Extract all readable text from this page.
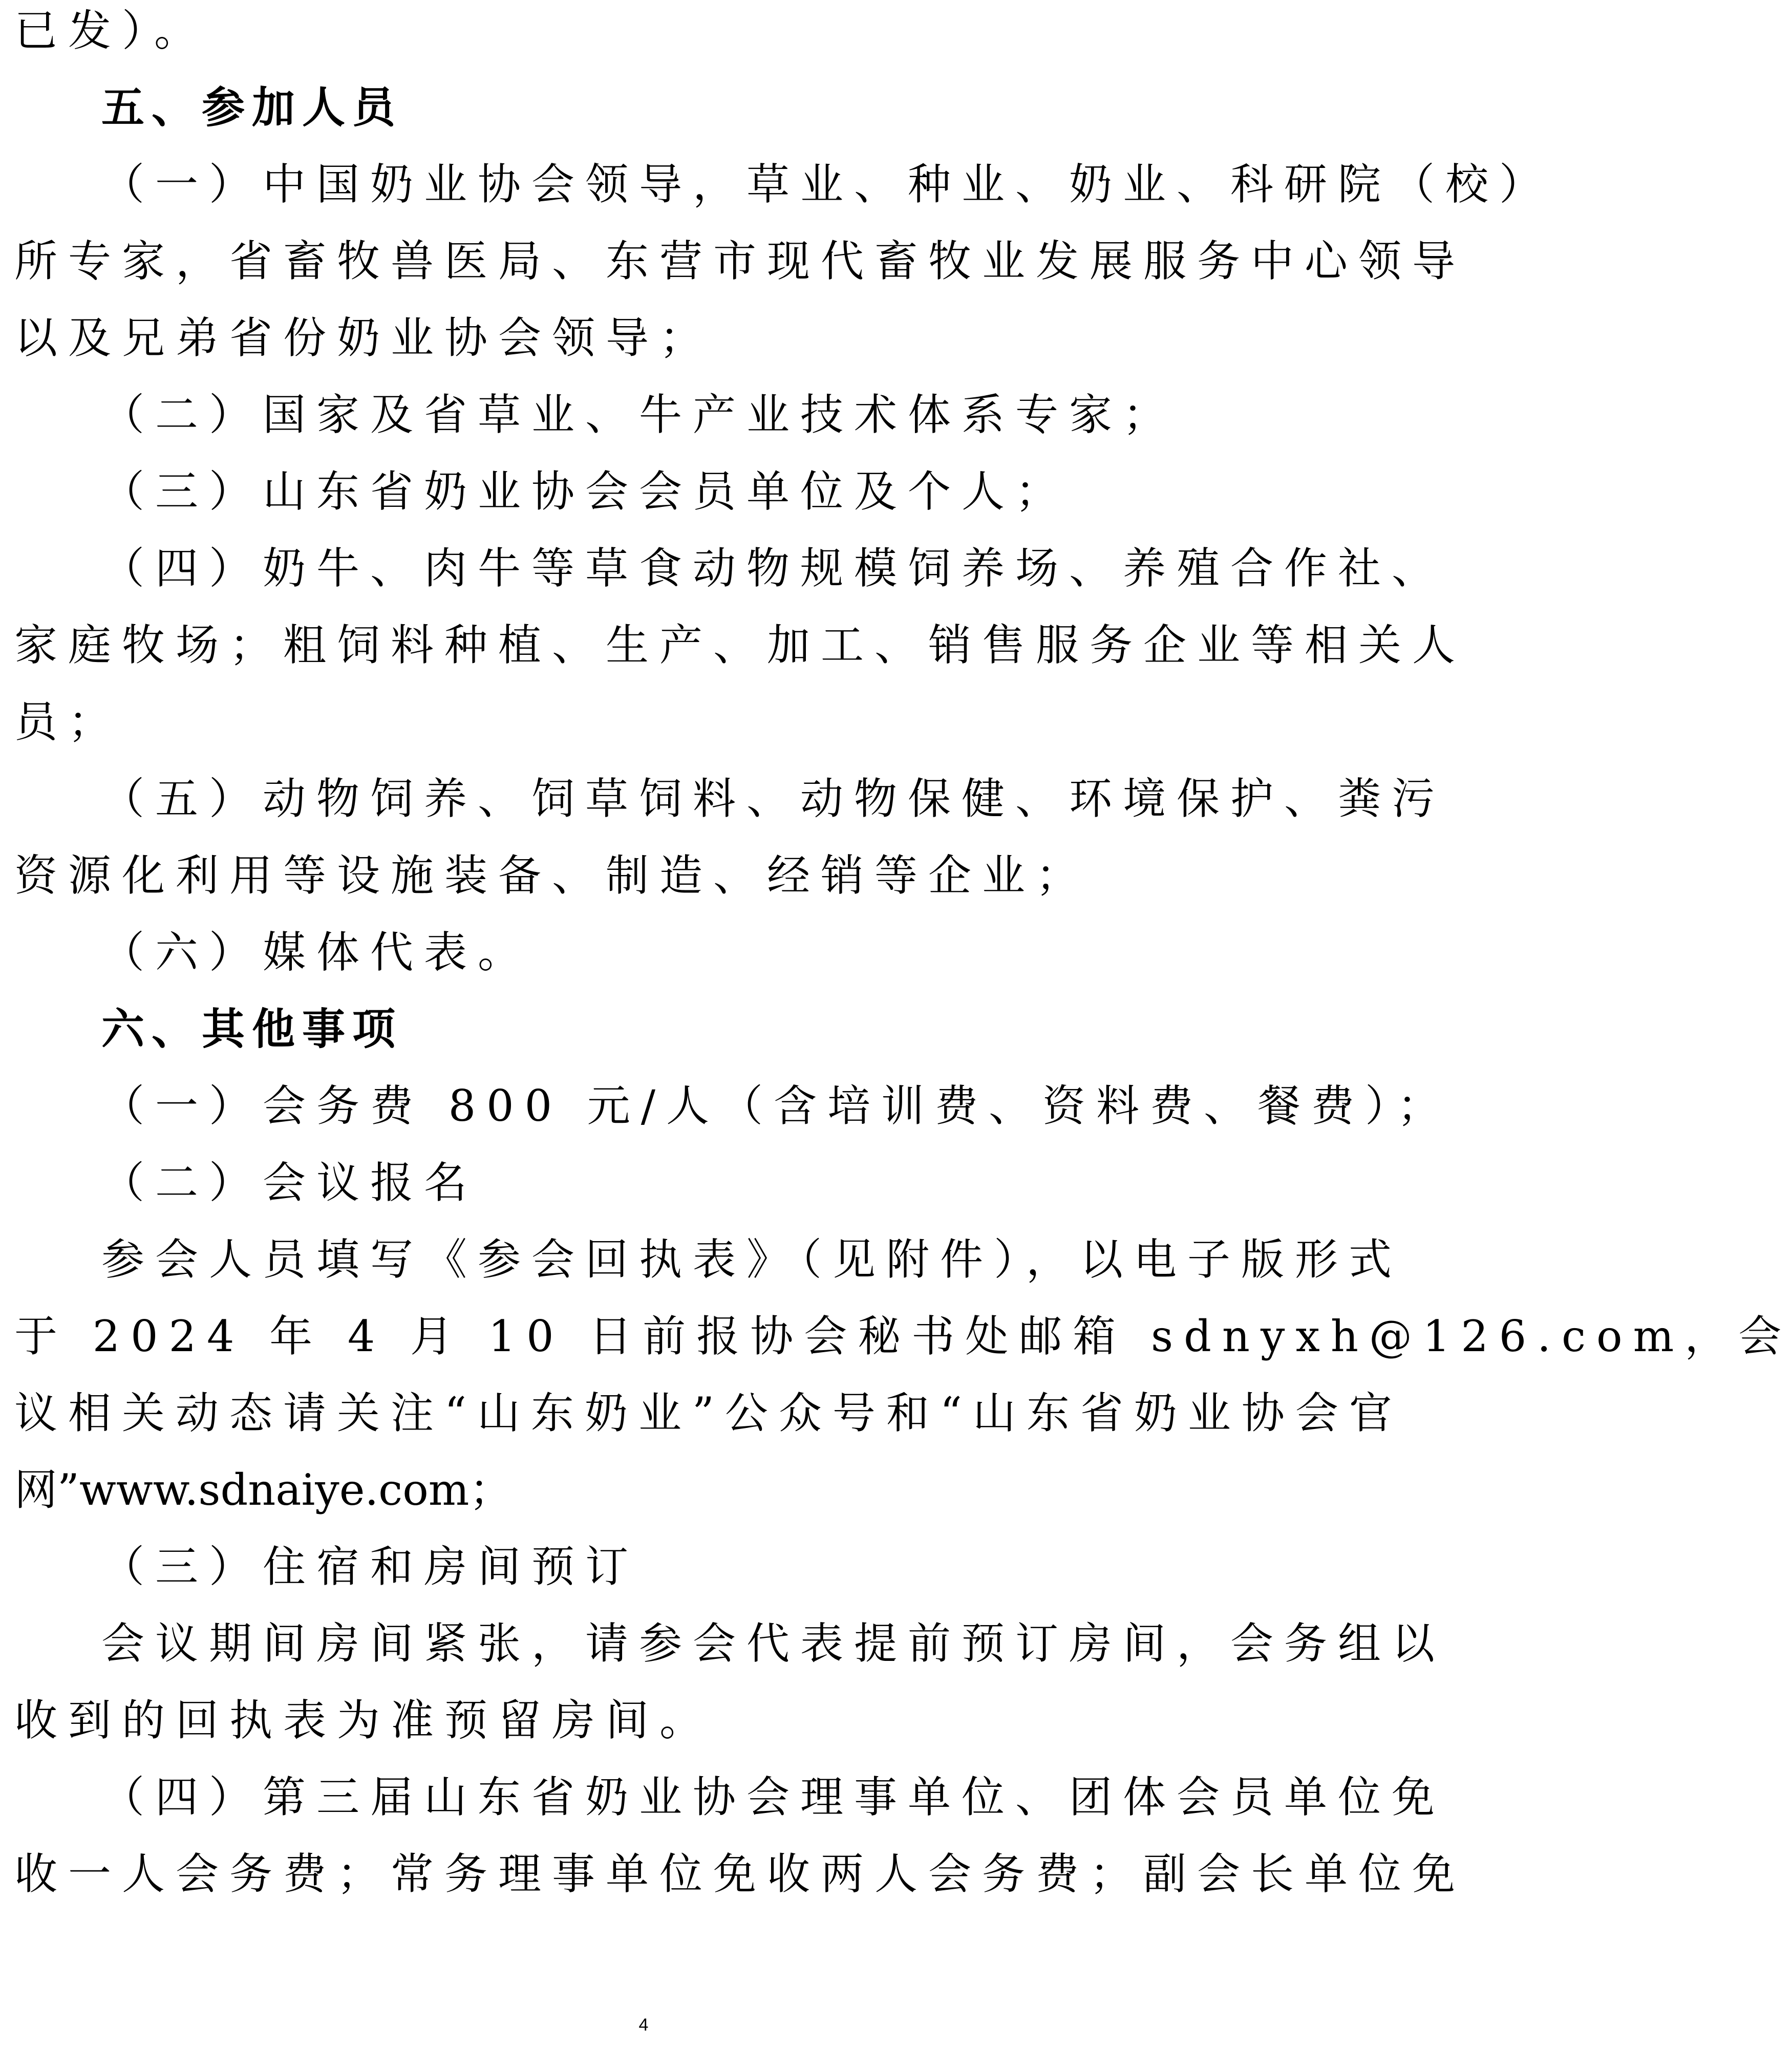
已发）。
五、参加人员
（一）中国奶业协会领导，草业、种业、奶业、科研院（校）
所专家，省畜牧兽医局、东营市现代畜牧业发展服务中心领导
以及兄弟省份奶业协会领导；
（二）国家及省草业、牛产业技术体系专家；
（三）山东省奶业协会会员单位及个人；
（四）奶牛、肉牛等草食动物规模饲养场、养殖合作社、
家庭牧场；粗饲料种植、生产、加工、销售服务企业等相关人
员；
（五）动物饲养、饲草饲料、动物保健、环境保护、粪污
资源化利用等设施装备、制造、经销等企业；
（六）媒体代表。
六、其他事项
（一）会务费 800 元/人（含培训费、资料费、餐费）；
（二）会议报名
参会人员填写《参会回执表》（见附件），以电子版形式
于 2024 年 4 月 10 日前报协会秘书处邮箱 sdnyxh@126.com，会
议相关动态请关注“山东奶业”公众号和“山东省奶业协会官
网”www.sdnaiye.com；
（三）住宿和房间预订
会议期间房间紧张，请参会代表提前预订房间，会务组以
收到的回执表为准预留房间。
（四）第三届山东省奶业协会理事单位、团体会员单位免
收一人会务费；常务理事单位免收两人会务费；副会长单位免
4
